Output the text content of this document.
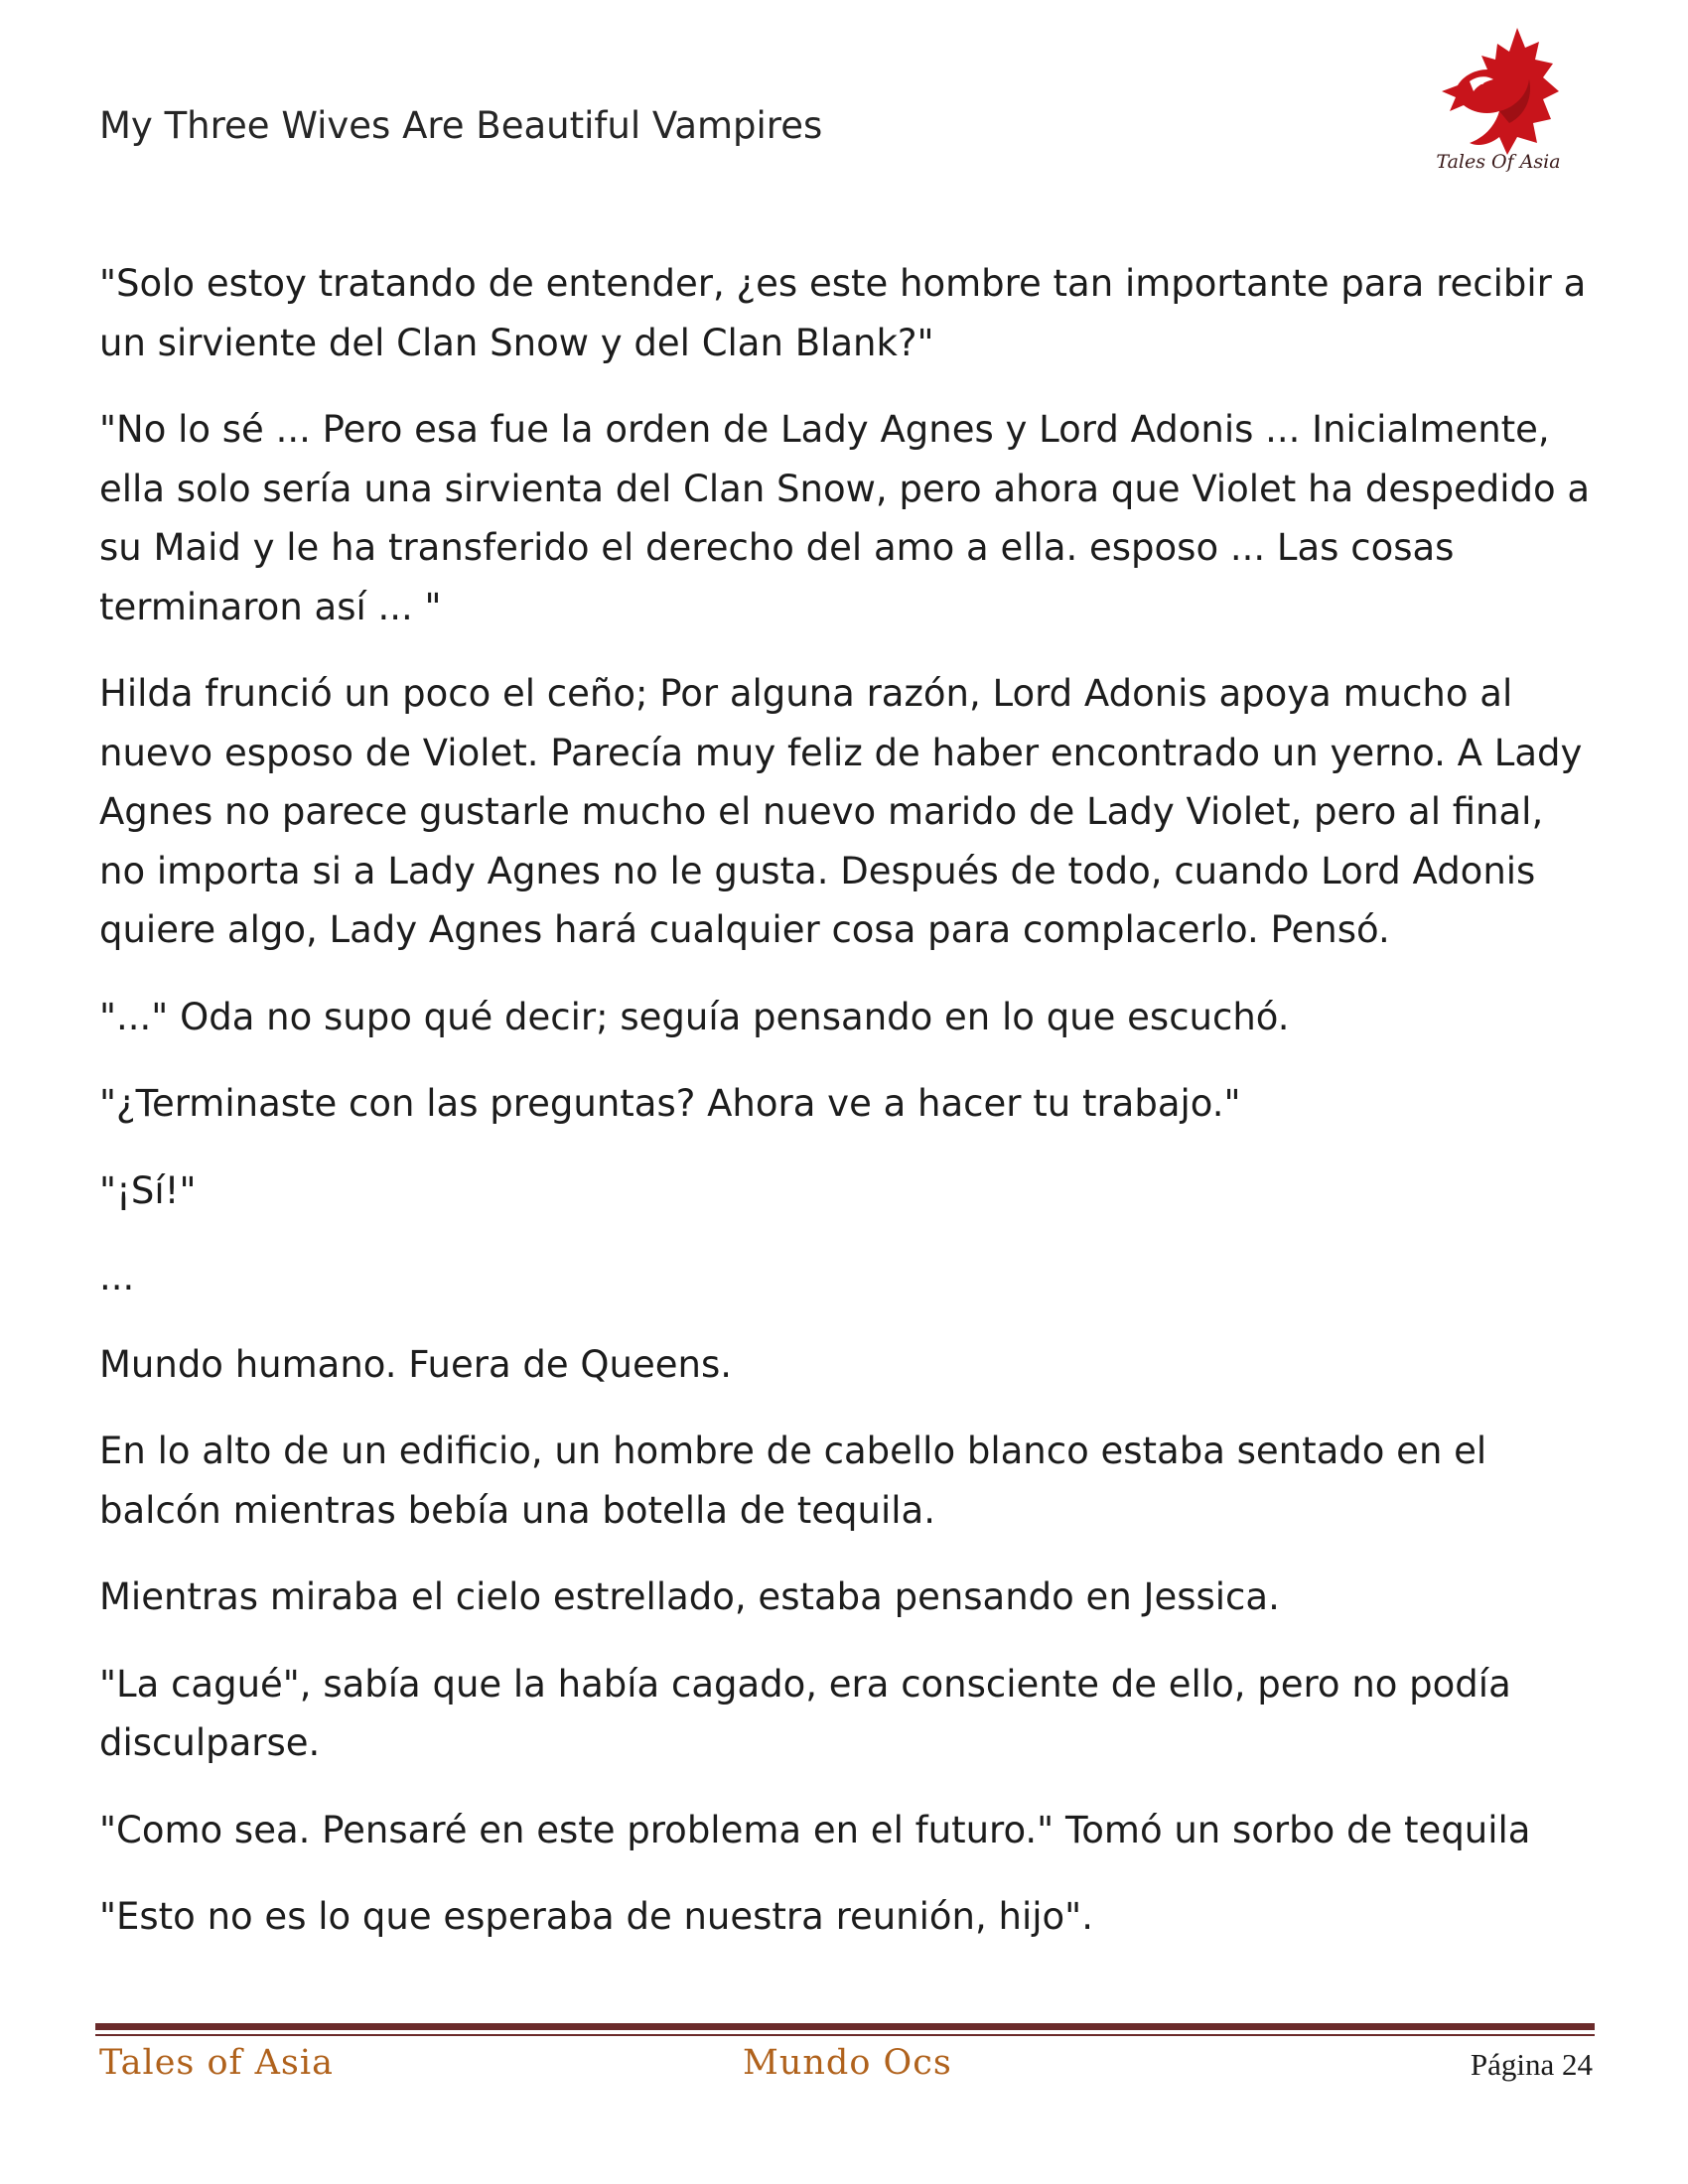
My Three Wives Are Beautiful Vampires
Tales Of Asia

"Solo estoy tratando de entender, ¿es este hombre tan importante para recibir a un sirviente del Clan Snow y del Clan Blank?"

"No lo sé ... Pero esa fue la orden de Lady Agnes y Lord Adonis ... Inicialmente, ella solo sería una sirvienta del Clan Snow, pero ahora que Violet ha despedido a su Maid y le ha transferido el derecho del amo a ella. esposo ... Las cosas terminaron así ... "

Hilda frunció un poco el ceño; Por alguna razón, Lord Adonis apoya mucho al nuevo esposo de Violet. Parecía muy feliz de haber encontrado un yerno. A Lady Agnes no parece gustarle mucho el nuevo marido de Lady Violet, pero al final, no importa si a Lady Agnes no le gusta. Después de todo, cuando Lord Adonis quiere algo, Lady Agnes hará cualquier cosa para complacerlo. Pensó.

"..." Oda no supo qué decir; seguía pensando en lo que escuchó.

"¿Terminaste con las preguntas? Ahora ve a hacer tu trabajo."

"¡Sí!"

...

Mundo humano. Fuera de Queens.

En lo alto de un edificio, un hombre de cabello blanco estaba sentado en el balcón mientras bebía una botella de tequila.

Mientras miraba el cielo estrellado, estaba pensando en Jessica.

"La cagué", sabía que la había cagado, era consciente de ello, pero no podía disculparse.

"Como sea. Pensaré en este problema en el futuro." Tomó un sorbo de tequila

"Esto no es lo que esperaba de nuestra reunión, hijo".

Tales of Asia	Mundo Ocs	Página 24
